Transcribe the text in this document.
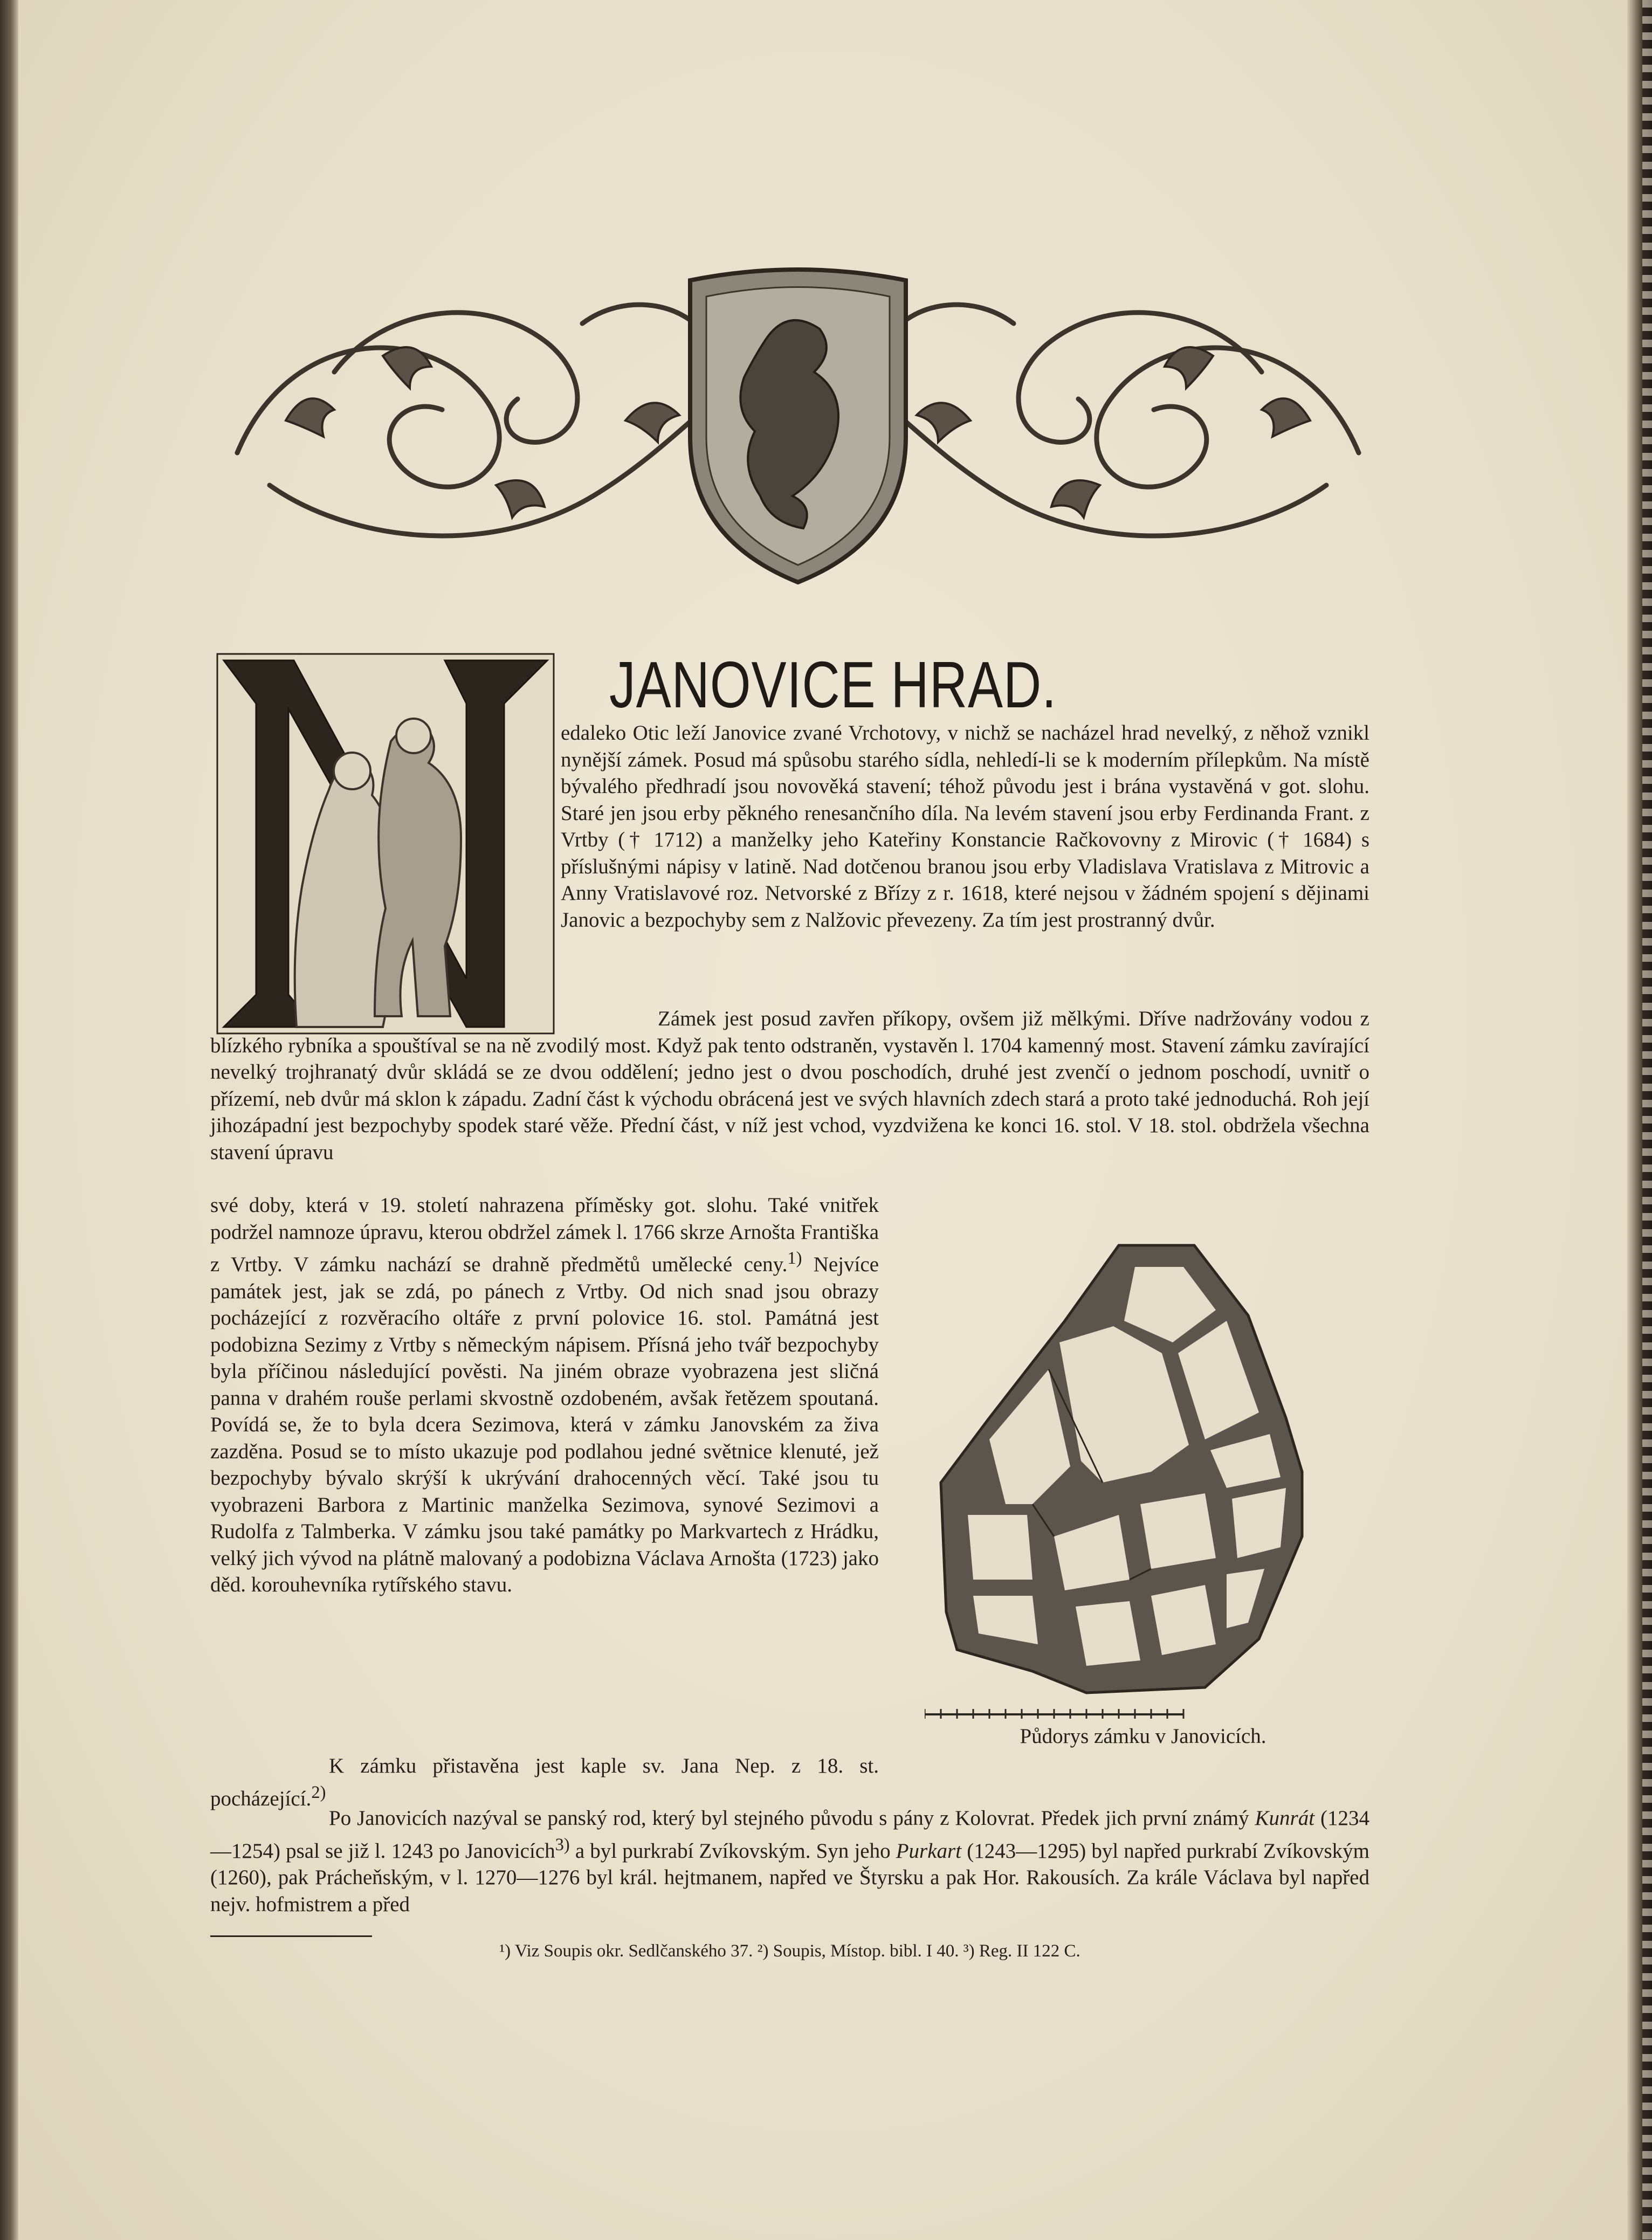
JANOVICE HRAD.

edaleko Otic leží Janovice zvané Vrchotovy, v nichž se nacházel hrad nevelký, z něhož vznikl nynější zámek. Posud má spůsobu starého sídla, nehledí-li se k moderním přílepkům. Na místě bývalého předhradí jsou novověká stavení; téhož původu jest i brána vystavěná v got. slohu. Staré jen jsou erby pěkného renesančního díla. Na levém stavení jsou erby Ferdinanda Frant. z Vrtby († 1712) a manželky jeho Kateřiny Konstancie Račkovovny z Mirovic († 1684) s příslušnými nápisy v latině. Nad dotčenou branou jsou erby Vladislava Vratislava z Mitrovic a Anny Vratislavové roz. Netvorské z Břízy z r. 1618, které nejsou v žádném spojení s dějinami Janovic a bezpochyby sem z Nalžovic převezeny. Za tím jest prostranný dvůr.

Zámek jest posud zavřen příkopy, ovšem již mělkými. Dříve nadržovány vodou z blízkého rybníka a spouštíval se na ně zvodilý most. Když pak tento odstraněn, vystavěn l. 1704 kamenný most. Stavení zámku zavírající nevelký trojhranatý dvůr skládá se ze dvou oddělení; jedno jest o dvou poschodích, druhé jest zvenčí o jednom poschodí, uvnitř o přízemí, neb dvůr má sklon k západu. Zadní část k východu obrácená jest ve svých hlavních zdech stará a proto také jednoduchá. Roh její jihozápadní jest bezpochyby spodek staré věže. Přední část, v níž jest vchod, vyzdvižena ke konci 16. stol. V 18. stol. obdržela všechna stavení úpravu

své doby, která v 19. století nahrazena příměsky got. slohu. Také vnitřek podržel namnoze úpravu, kterou obdržel zámek l. 1766 skrze Arnošta Františka z Vrtby. V zámku nachází se drahně předmětů umělecké ceny.$^{1)}$ Nejvíce památek jest, jak se zdá, po pánech z Vrtby. Od nich snad jsou obrazy pocházející z rozvěracího oltáře z první polovice 16. stol. Památná jest podobizna Sezimy z Vrtby s německým nápisem. Přísná jeho tvář bezpochyby byla příčinou následující pověsti. Na jiném obraze vyobrazena jest sličná panna v drahém rouše perlami skvostně ozdobeném, avšak řetězem spoutaná. Povídá se, že to byla dcera Sezimova, která v zámku Janovském za živa zazděna. Posud se to místo ukazuje pod podlahou jedné světnice klenuté, jež bezpochyby bývalo skrýší k ukrývání drahocenných věcí. Také jsou tu vyobrazeni Barbora z Martinic manželka Sezimova, synové Sezimovi a Rudolfa z Talmberka. V zámku jsou také památky po Markvartech z Hrádku, velký jich vývod na plátně malovaný a podobizna Václava Arnošta (1723) jako děd. korouhevníka rytířského stavu.

K zámku přistavěna jest kaple sv. Jana Nep. z 18. st. pocházející.$^{2)}$

Po Janovicích nazýval se panský rod, který byl stejného původu s pány z Kolovrat. Předek jich první známý Kunrát (1234—1254) psal se již l. 1243 po Janovicích$^{3)}$ a byl purkrabí Zvíkovským. Syn jeho Purkart (1243—1295) byl napřed purkrabí Zvíkovským (1260), pak Prácheňským, v l. 1270—1276 byl král. hejtmanem, napřed ve Štyrsku a pak Hor. Rakousích. Za krále Václava byl napřed nejv. hofmistrem a před

Půdorys zámku v Janovicích.

¹) Viz Soupis okr. Sedlčanského 37. ²) Soupis, Místop. bibl. I 40. ³) Reg. II 122 C.
